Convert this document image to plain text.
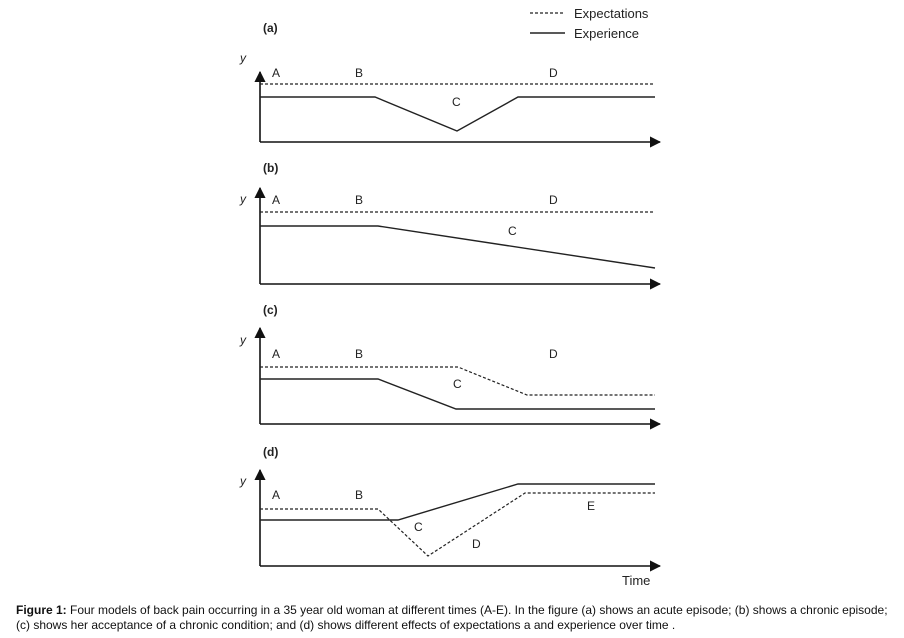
Expectations
Experience
(a)
y
A	B
C
D
(b)
y A	B
C
D
(c)
y
A	B
C
D
(d)
y
A	B
C
D
E
Time
Figure 1: Four models of back pain occurring in a 35 year old woman at different times (A-E). In the figure (a) shows an acute episode; (b) shows a chronic episode; (c) shows her acceptance of a chronic condition; and (d) shows different effects of expectations a and experience over time .
